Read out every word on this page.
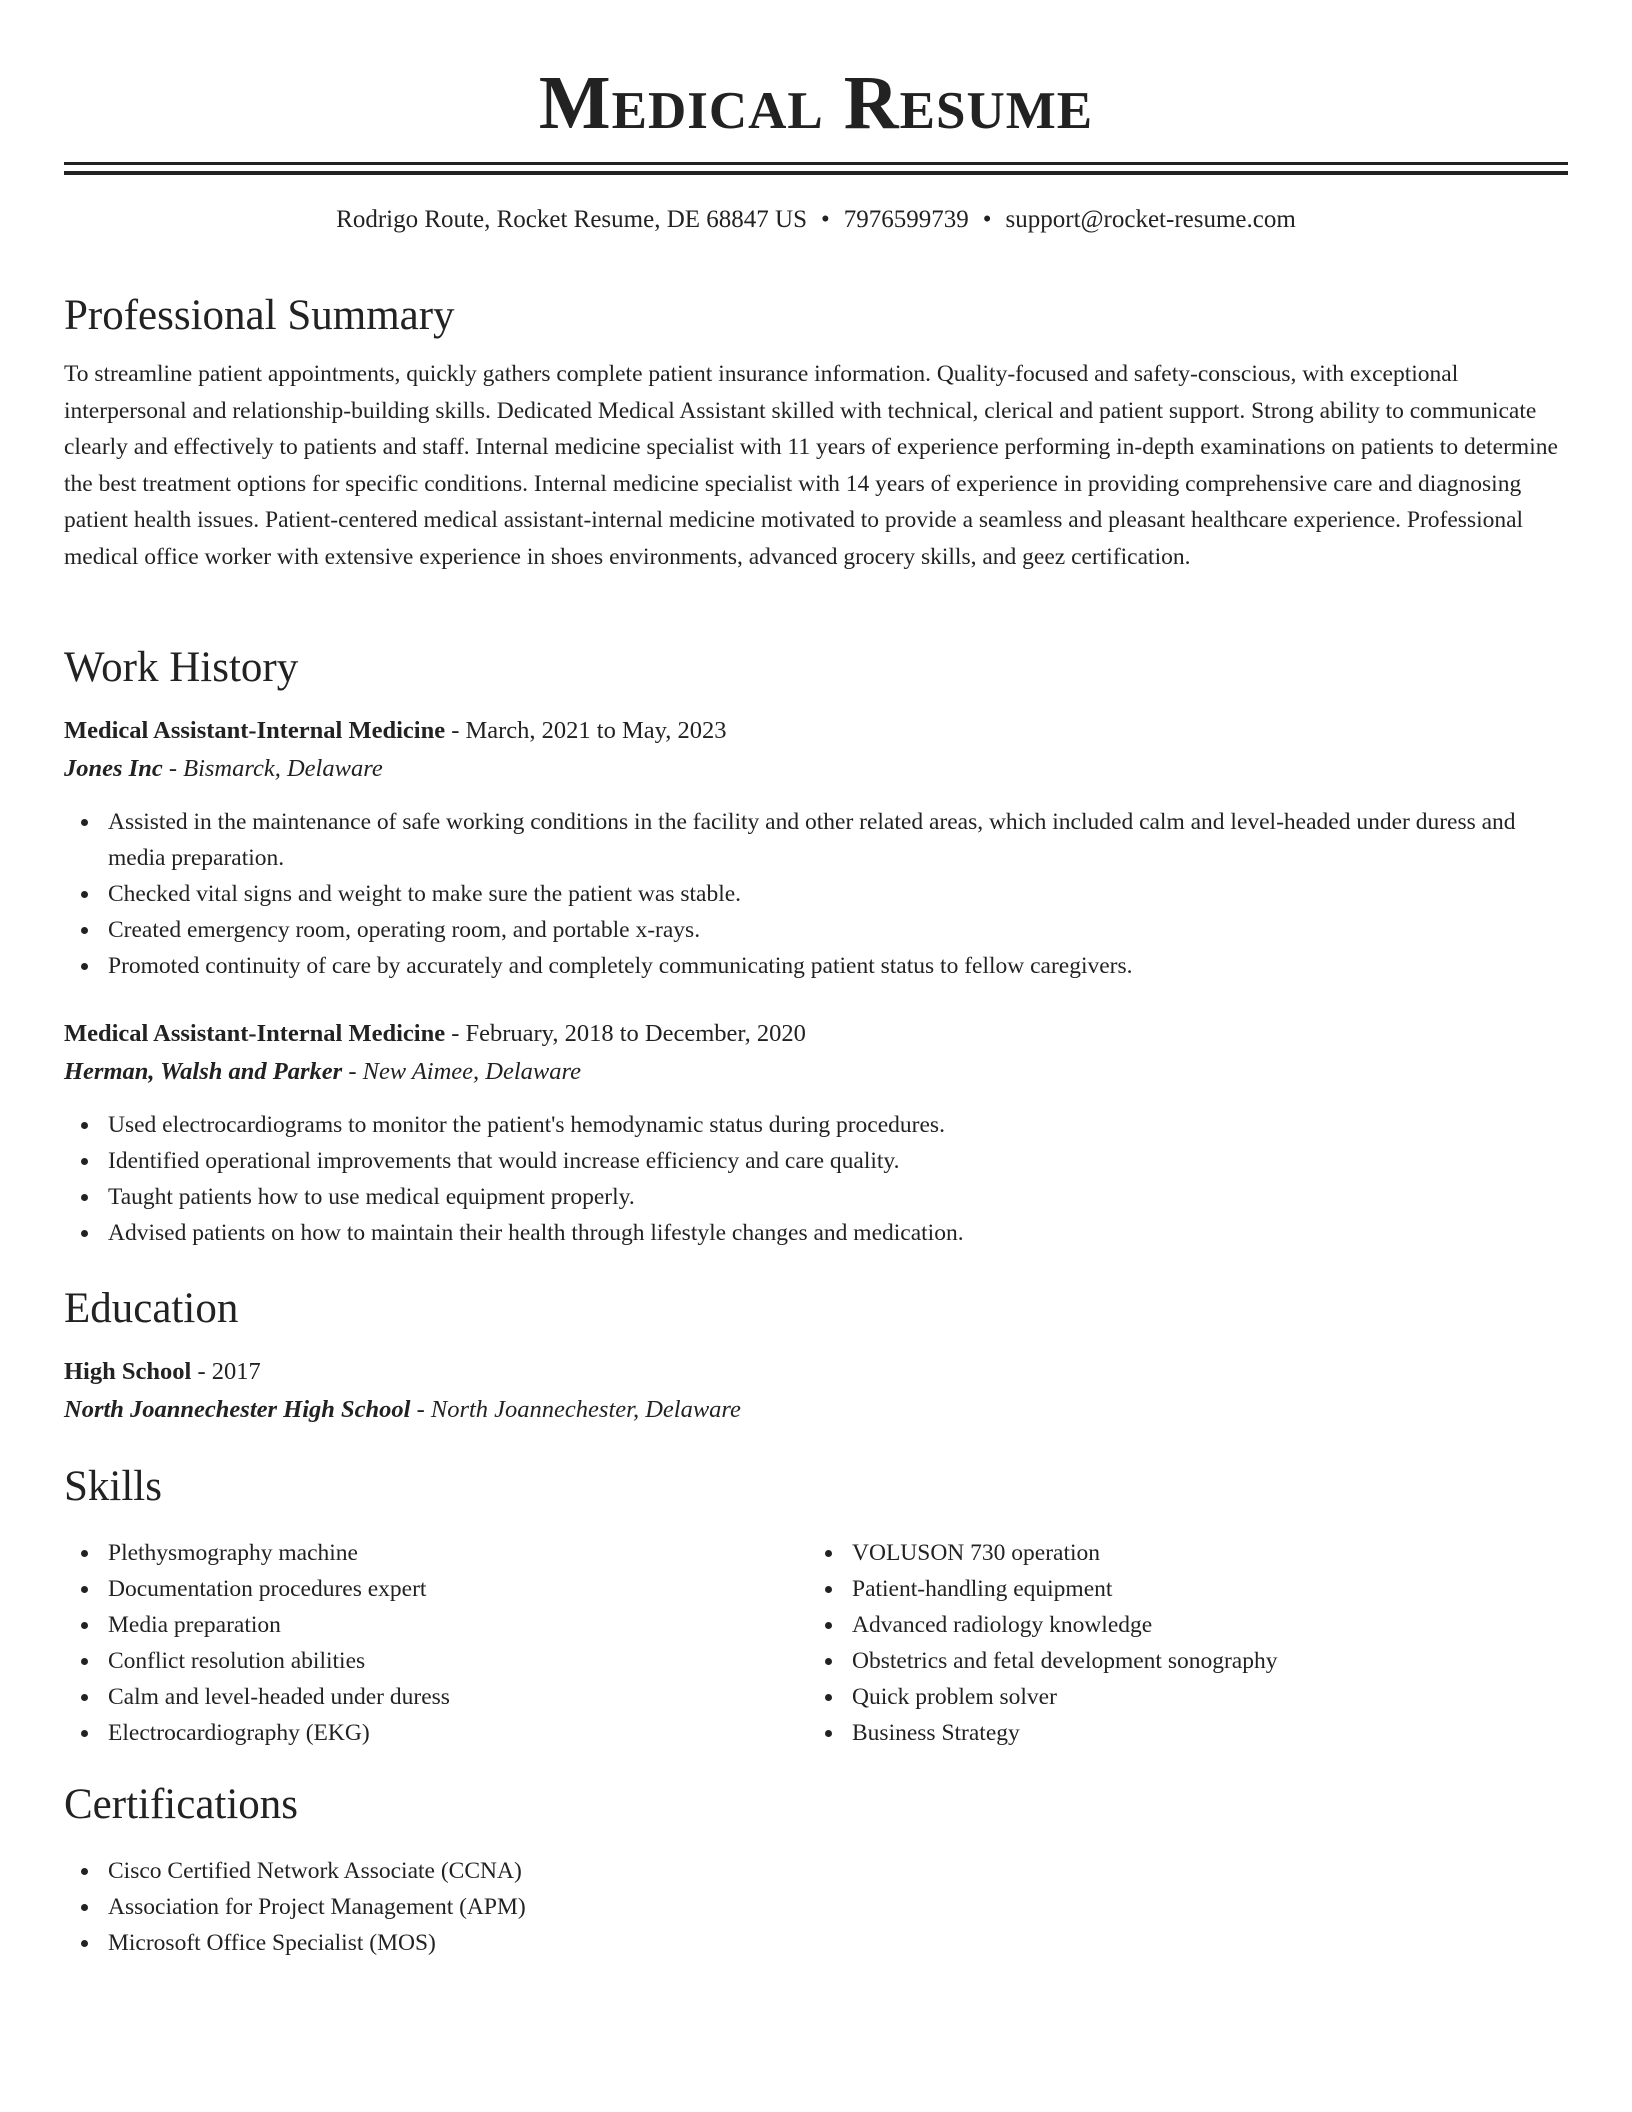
Medical Resume
Rodrigo Route, Rocket Resume, DE 68847 US • 7976599739 • support@rocket-resume.com
Professional Summary

To streamline patient appointments, quickly gathers complete patient insurance information. Quality-focused and safety-conscious, with exceptional interpersonal and relationship-building skills. Dedicated Medical Assistant skilled with technical, clerical and patient support. Strong ability to communicate clearly and effectively to patients and staff. Internal medicine specialist with 11 years of experience performing in-depth examinations on patients to determine the best treatment options for specific conditions. Internal medicine specialist with 14 years of experience in providing comprehensive care and diagnosing patient health issues. Patient-centered medical assistant-internal medicine motivated to provide a seamless and pleasant healthcare experience. Professional medical office worker with extensive experience in shoes environments, advanced grocery skills, and geez certification.

Work History
Medical Assistant-Internal Medicine - March, 2021 to May, 2023
Jones Inc - Bismarck, Delaware
Assisted in the maintenance of safe working conditions in the facility and other related areas, which included calm and level-headed under duress and media preparation.
Checked vital signs and weight to make sure the patient was stable.
Created emergency room, operating room, and portable x-rays.
Promoted continuity of care by accurately and completely communicating patient status to fellow caregivers.
Medical Assistant-Internal Medicine - February, 2018 to December, 2020
Herman, Walsh and Parker - New Aimee, Delaware
Used electrocardiograms to monitor the patient's hemodynamic status during procedures.
Identified operational improvements that would increase efficiency and care quality.
Taught patients how to use medical equipment properly.
Advised patients on how to maintain their health through lifestyle changes and medication.
Education
High School - 2017
North Joannechester High School - North Joannechester, Delaware
Skills
Plethysmography machine
Documentation procedures expert
Media preparation
Conflict resolution abilities
Calm and level-headed under duress
Electrocardiography (EKG)
VOLUSON 730 operation
Patient-handling equipment
Advanced radiology knowledge
Obstetrics and fetal development sonography
Quick problem solver
Business Strategy
Certifications
Cisco Certified Network Associate (CCNA)
Association for Project Management (APM)
Microsoft Office Specialist (MOS)
